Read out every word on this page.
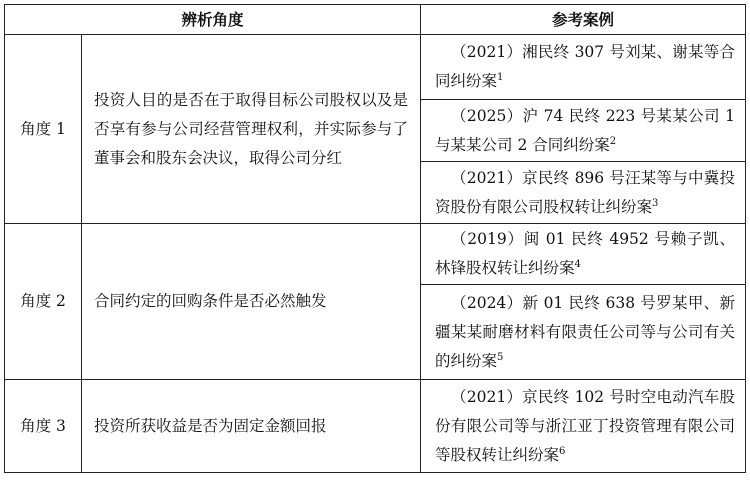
辨析角度		参考案例
角度 1	投资人目的是否在于取得目标公司股权以及是否享有参与公司经营管理权利，并实际参与了董事会和股东会决议，取得公司分红	（2021）湘民终 307 号刘某、谢某等合同纠纷案$^1$
		（2025）沪 74 民终 223 号某某公司 1 与某某公司 2 合同纠纷案$^2$
		（2021）京民终 896 号汪某等与中冀投资股份有限公司股权转让纠纷案$^3$
角度 2	合同约定的回购条件是否必然触发	（2019）闽 01 民终 4952 号赖子凯、林锋股权转让纠纷案$^4$
		（2024）新 01 民终 638 号罗某甲、新疆某某耐磨材料有限责任公司等与公司有关的纠纷案$^5$
角度 3	投资所获收益是否为固定金额回报	（2021）京民终 102 号时空电动汽车股份有限公司等与浙江亚丁投资管理有限公司等股权转让纠纷案$^6$
